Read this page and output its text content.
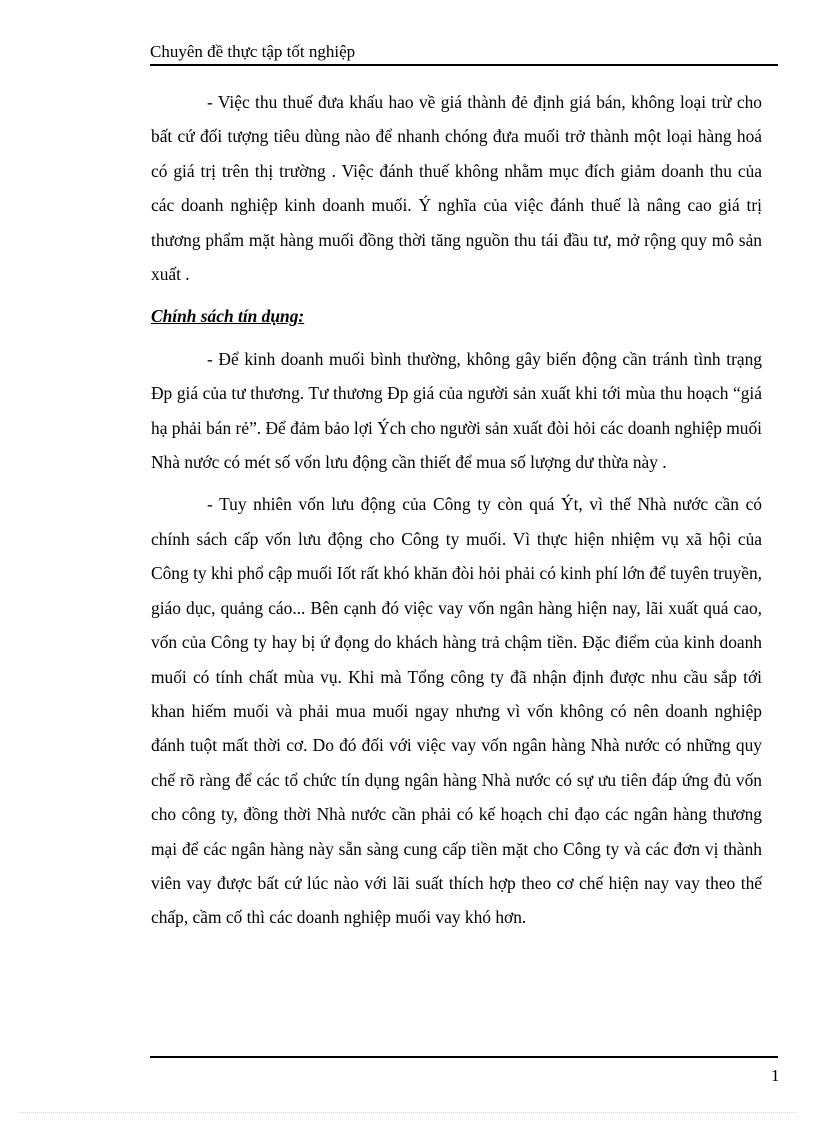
Chuyên đề thực tập tốt nghiệp

- Việc thu thuế đưa khấu hao về giá thành đẻ định giá bán, không loại trừ cho bất cứ đối tượng tiêu dùng nào để nhanh chóng đưa muối trở thành một loại hàng hoá có giá trị trên thị trường . Việc đánh thuế không nhằm mục đích giảm doanh thu của các doanh nghiệp kinh doanh muối. Ý nghĩa của việc đánh thuế là nâng cao giá trị thương phẩm mặt hàng muối đồng thời tăng nguồn thu tái đầu tư, mở rộng quy mô sản xuất .

Chính sách tín dụng:

- Để kinh doanh muối bình thường, không gây biến động cần tránh tình trạng Đp giá của tư thương. Tư thương Đp giá của người sản xuất khi tới mùa thu hoạch “giá hạ phải bán rẻ”. Để đảm bảo lợi Ých cho người sản xuất đòi hỏi các doanh nghiệp muối Nhà nước có mét số vốn lưu động cần thiết để mua số lượng dư thừa này .

- Tuy nhiên vốn lưu động của Công ty còn quá Ýt, vì thế Nhà nước cần có chính sách cấp vốn lưu động cho Công ty muối. Vì thực hiện nhiệm vụ xã hội của Công ty khi phổ cập muối Iốt rất khó khăn đòi hỏi phải có kinh phí lớn để tuyên truyền, giáo dục, quảng cáo... Bên cạnh đó việc vay vốn ngân hàng hiện nay, lãi xuất quá cao, vốn của Công ty hay bị ứ đọng do khách hàng trả chậm tiền. Đặc điểm của kinh doanh muối có tính chất mùa vụ. Khi mà Tổng công ty đã nhận định được nhu cầu sắp tới khan hiếm muối và phải mua muối ngay nhưng vì vốn không có nên doanh nghiệp đánh tuột mất thời cơ. Do đó đối với việc vay vốn ngân hàng Nhà nước có những quy chế rõ ràng để các tổ chức tín dụng ngân hàng Nhà nước có sự ưu tiên đáp ứng đủ vốn cho công ty, đồng thời Nhà nước cần phải có kế hoạch chỉ đạo các ngân hàng thương mại để các ngân hàng này sẵn sàng cung cấp tiền mặt cho Công ty và các đơn vị thành viên vay được bất cứ lúc nào với lãi suất thích hợp theo cơ chế hiện nay vay theo thế chấp, cầm cố thì các doanh nghiệp muối vay khó hơn.

1
